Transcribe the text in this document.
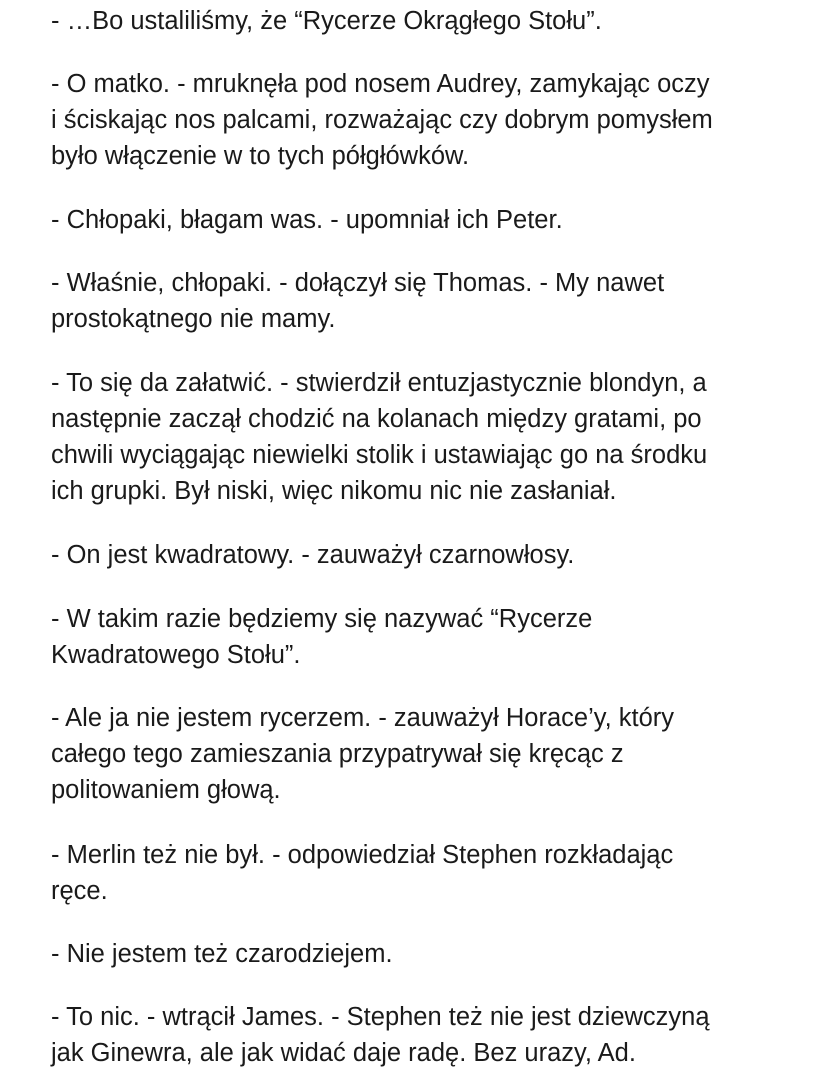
- …Bo ustaliliśmy, że “Rycerze Okrągłego Stołu”.

- O matko. - mruknęła pod nosem Audrey, zamykając oczy
i ściskając nos palcami, rozważając czy dobrym pomysłem
było włączenie w to tych półgłówków.

- Chłopaki, błagam was. - upomniał ich Peter.

- Właśnie, chłopaki. - dołączył się Thomas. - My nawet
prostokątnego nie mamy.

- To się da załatwić. - stwierdził entuzjastycznie blondyn, a
następnie zaczął chodzić na kolanach między gratami, po
chwili wyciągając niewielki stolik i ustawiając go na środku
ich grupki. Był niski, więc nikomu nic nie zasłaniał.

- On jest kwadratowy. - zauważył czarnowłosy.

- W takim razie będziemy się nazywać “Rycerze
Kwadratowego Stołu”.

- Ale ja nie jestem rycerzem. - zauważył Horace’y, który
całego tego zamieszania przypatrywał się kręcąc z
politowaniem głową.

- Merlin też nie był. - odpowiedział Stephen rozkładając
ręce.

- Nie jestem też czarodziejem.

- To nic. - wtrącił James. - Stephen też nie jest dziewczyną
jak Ginewra, ale jak widać daje radę. Bez urazy, Ad.
